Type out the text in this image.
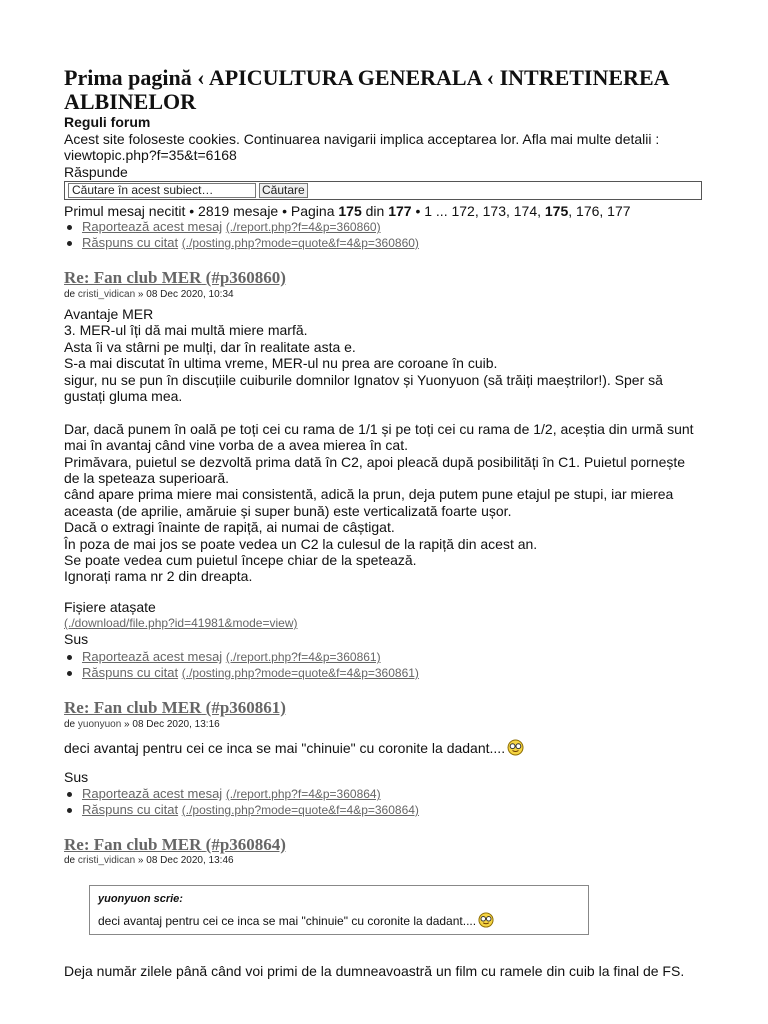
Prima pagină ‹ APICULTURA GENERALA ‹ INTRETINEREA ALBINELOR
Reguli forum
Acest site foloseste cookies. Continuarea navigarii implica acceptarea lor. Afla mai multe detalii :
viewtopic.php?f=35&t=6168
Răspunde
Căutare în acest subiect…	Căutare
Primul mesaj necitit • 2819 mesaje • Pagina 175 din 177 • 1 ... 172, 173, 174, 175, 176, 177
Raportează acest mesaj (./report.php?f=4&p=360860)
Răspuns cu citat (./posting.php?mode=quote&f=4&p=360860)
Re: Fan club MER (#p360860)
de cristi_vidican » 08 Dec 2020, 10:34
Avantaje MER
3. MER-ul îți dă mai multă miere marfă.
Asta îi va stârni pe mulți, dar în realitate asta e.
S-a mai discutat în ultima vreme, MER-ul nu prea are coroane în cuib.
sigur, nu se pun în discuțiile cuiburile domnilor Ignatov și Yuonyuon (să trăiți maeștrilor!). Sper să
gustați gluma mea.
Dar, dacă punem în oală pe toți cei cu rama de 1/1 și pe toți cei cu rama de 1/2, aceștia din urmă sunt
mai în avantaj când vine vorba de a avea mierea în cat.
Primăvara, puietul se dezvoltă prima dată în C2, apoi pleacă după posibilități în C1. Puietul pornește
de la speteaza superioară.
când apare prima miere mai consistentă, adică la prun, deja putem pune etajul pe stupi, iar mierea
aceasta (de aprilie, amăruie și super bună) este verticalizată foarte ușor.
Dacă o extragi înainte de rapiță, ai numai de câștigat.
În poza de mai jos se poate vedea un C2 la culesul de la rapiță din acest an.
Se poate vedea cum puietul începe chiar de la spetează.
Ignorați rama nr 2 din dreapta.
Fișiere atașate
(./download/file.php?id=41981&mode=view)
Sus
Raportează acest mesaj (./report.php?f=4&p=360861)
Răspuns cu citat (./posting.php?mode=quote&f=4&p=360861)
Re: Fan club MER (#p360861)
de yuonyuon » 08 Dec 2020, 13:16
deci avantaj pentru cei ce inca se mai "chinuie" cu coronite la dadant....
Sus
Raportează acest mesaj (./report.php?f=4&p=360864)
Răspuns cu citat (./posting.php?mode=quote&f=4&p=360864)
Re: Fan club MER (#p360864)
de cristi_vidican » 08 Dec 2020, 13:46
yuonyuon scrie:
deci avantaj pentru cei ce inca se mai "chinuie" cu coronite la dadant....
Deja număr zilele până când voi primi de la dumneavoastră un film cu ramele din cuib la final de FS.
